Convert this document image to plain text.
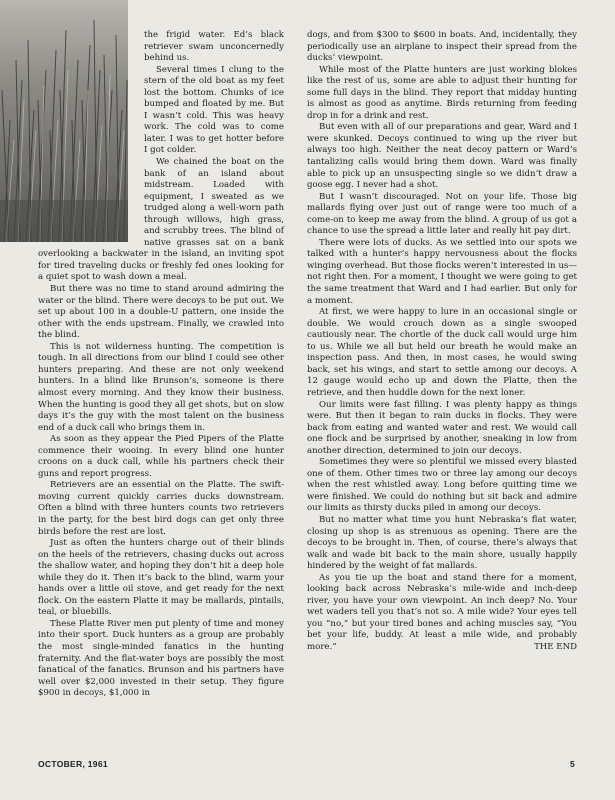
the frigid water. Ed’s black retriever swam unconcernedly behind us.

Several times I clung to the stern of the old boat as my feet lost the bottom. Chunks of ice bumped and floated by me. But I wasn’t cold. This was heavy work. The cold was to come later. I was to get hotter before I got colder.

We chained the boat on the bank of an island about midstream. Loaded with equipment, I sweated as we trudged along a well-worn path through willows, high grass, and scrubby trees. The blind of native grasses sat on a bank overlooking a backwater in the island, an inviting spot for tired traveling ducks or freshly fed ones looking for a quiet spot to wash down a meal.

But there was no time to stand around admiring the water or the blind. There were decoys to be put out. We set up about 100 in a double-U pattern, one inside the other with the ends upstream. Finally, we crawled into the blind.

This is not wilderness hunting. The competition is tough. In all directions from our blind I could see other hunters preparing. And these are not only weekend hunters. In a blind like Brunson’s, someone is there almost every morning. And they know their business. When the hunting is good they all get shots, but on slow days it’s the guy with the most talent on the business end of a duck call who brings them in.

As soon as they appear the Pied Pipers of the Platte commence their wooing. In every blind one hunter croons on a duck call, while his partners check their guns and report progress.

Retrievers are an essential on the Platte. The swift-moving current quickly carries ducks downstream. Often a blind with three hunters counts two retrievers in the party, for the best bird dogs can get only three birds before the rest are lost.

Just as often the hunters charge out of their blinds on the heels of the retrievers, chasing ducks out across the shallow water, and hoping they don’t hit a deep hole while they do it. Then it’s back to the blind, warm your hands over a little oil stove, and get ready for the next flock. On the eastern Platte it may be mallards, pintails, teal, or bluebills.

These Platte River men put plenty of time and money into their sport. Duck hunters as a group are probably the most single-minded fanatics in the hunting fraternity. And the flat-water boys are possibly the most fanatical of the fanatics. Brunson and his partners have well over $2,000 invested in their setup. They figure $900 in decoys, $1,000 in

dogs, and from $300 to $600 in boats. And, incidentally, they periodically use an airplane to inspect their spread from the ducks’ viewpoint.

While most of the Platte hunters are just working blokes like the rest of us, some are able to adjust their hunting for some full days in the blind. They report that midday hunting is almost as good as anytime. Birds returning from feeding drop in for a drink and rest.

But even with all of our preparations and gear, Ward and I were skunked. Decoys continued to wing up the river but always too high. Neither the neat decoy pattern or Ward’s tantalizing calls would bring them down. Ward was finally able to pick up an unsuspecting single so we didn’t draw a goose egg. I never had a shot.

But I wasn’t discouraged. Not on your life. Those big mallards flying over just out of range were too much of a come-on to keep me away from the blind. A group of us got a chance to use the spread a little later and really hit pay dirt.

There were lots of ducks. As we settled into our spots we talked with a hunter’s happy nervousness about the flocks winging overhead. But those flocks weren’t interested in us—not right then. For a moment, I thought we were going to get the same treatment that Ward and I had earlier. But only for a moment.

At first, we were happy to lure in an occasional single or double. We would crouch down as a single swooped cautiously near. The chortle of the duck call would urge him to us. While we all but held our breath he would make an inspection pass. And then, in most cases, he would swing back, set his wings, and start to settle among our decoys. A 12 gauge would echo up and down the Platte, then the retrieve, and then huddle down for the next loner.

Our limits were fast filling. I was plenty happy as things were. But then it began to rain ducks in flocks. They were back from eating and wanted water and rest. We would call one flock and be surprised by another, sneaking in low from another direction, determined to join our decoys.

Sometimes they were so plentiful we missed every blasted one of them. Other times two or three lay among our decoys when the rest whistled away. Long before quitting time we were finished. We could do nothing but sit back and admire our limits as thirsty ducks piled in among our decoys.

But no matter what time you hunt Nebraska’s flat water, closing up shop is as strenuous as opening. There are the decoys to be brought in. Then, of course, there’s always that walk and wade bit back to the main shore, usually happily hindered by the weight of fat mallards.

As you tie up the boat and stand there for a moment, looking back across Nebraska’s mile-wide and inch-deep river, you have your own viewpoint. An inch deep? No. Your wet waders tell you that’s not so. A mile wide? Your eyes tell you “no,” but your tired bones and aching muscles say, “You bet your life, buddy. At least a mile wide, and probably more.”	THE END

OCTOBER, 1961	5
